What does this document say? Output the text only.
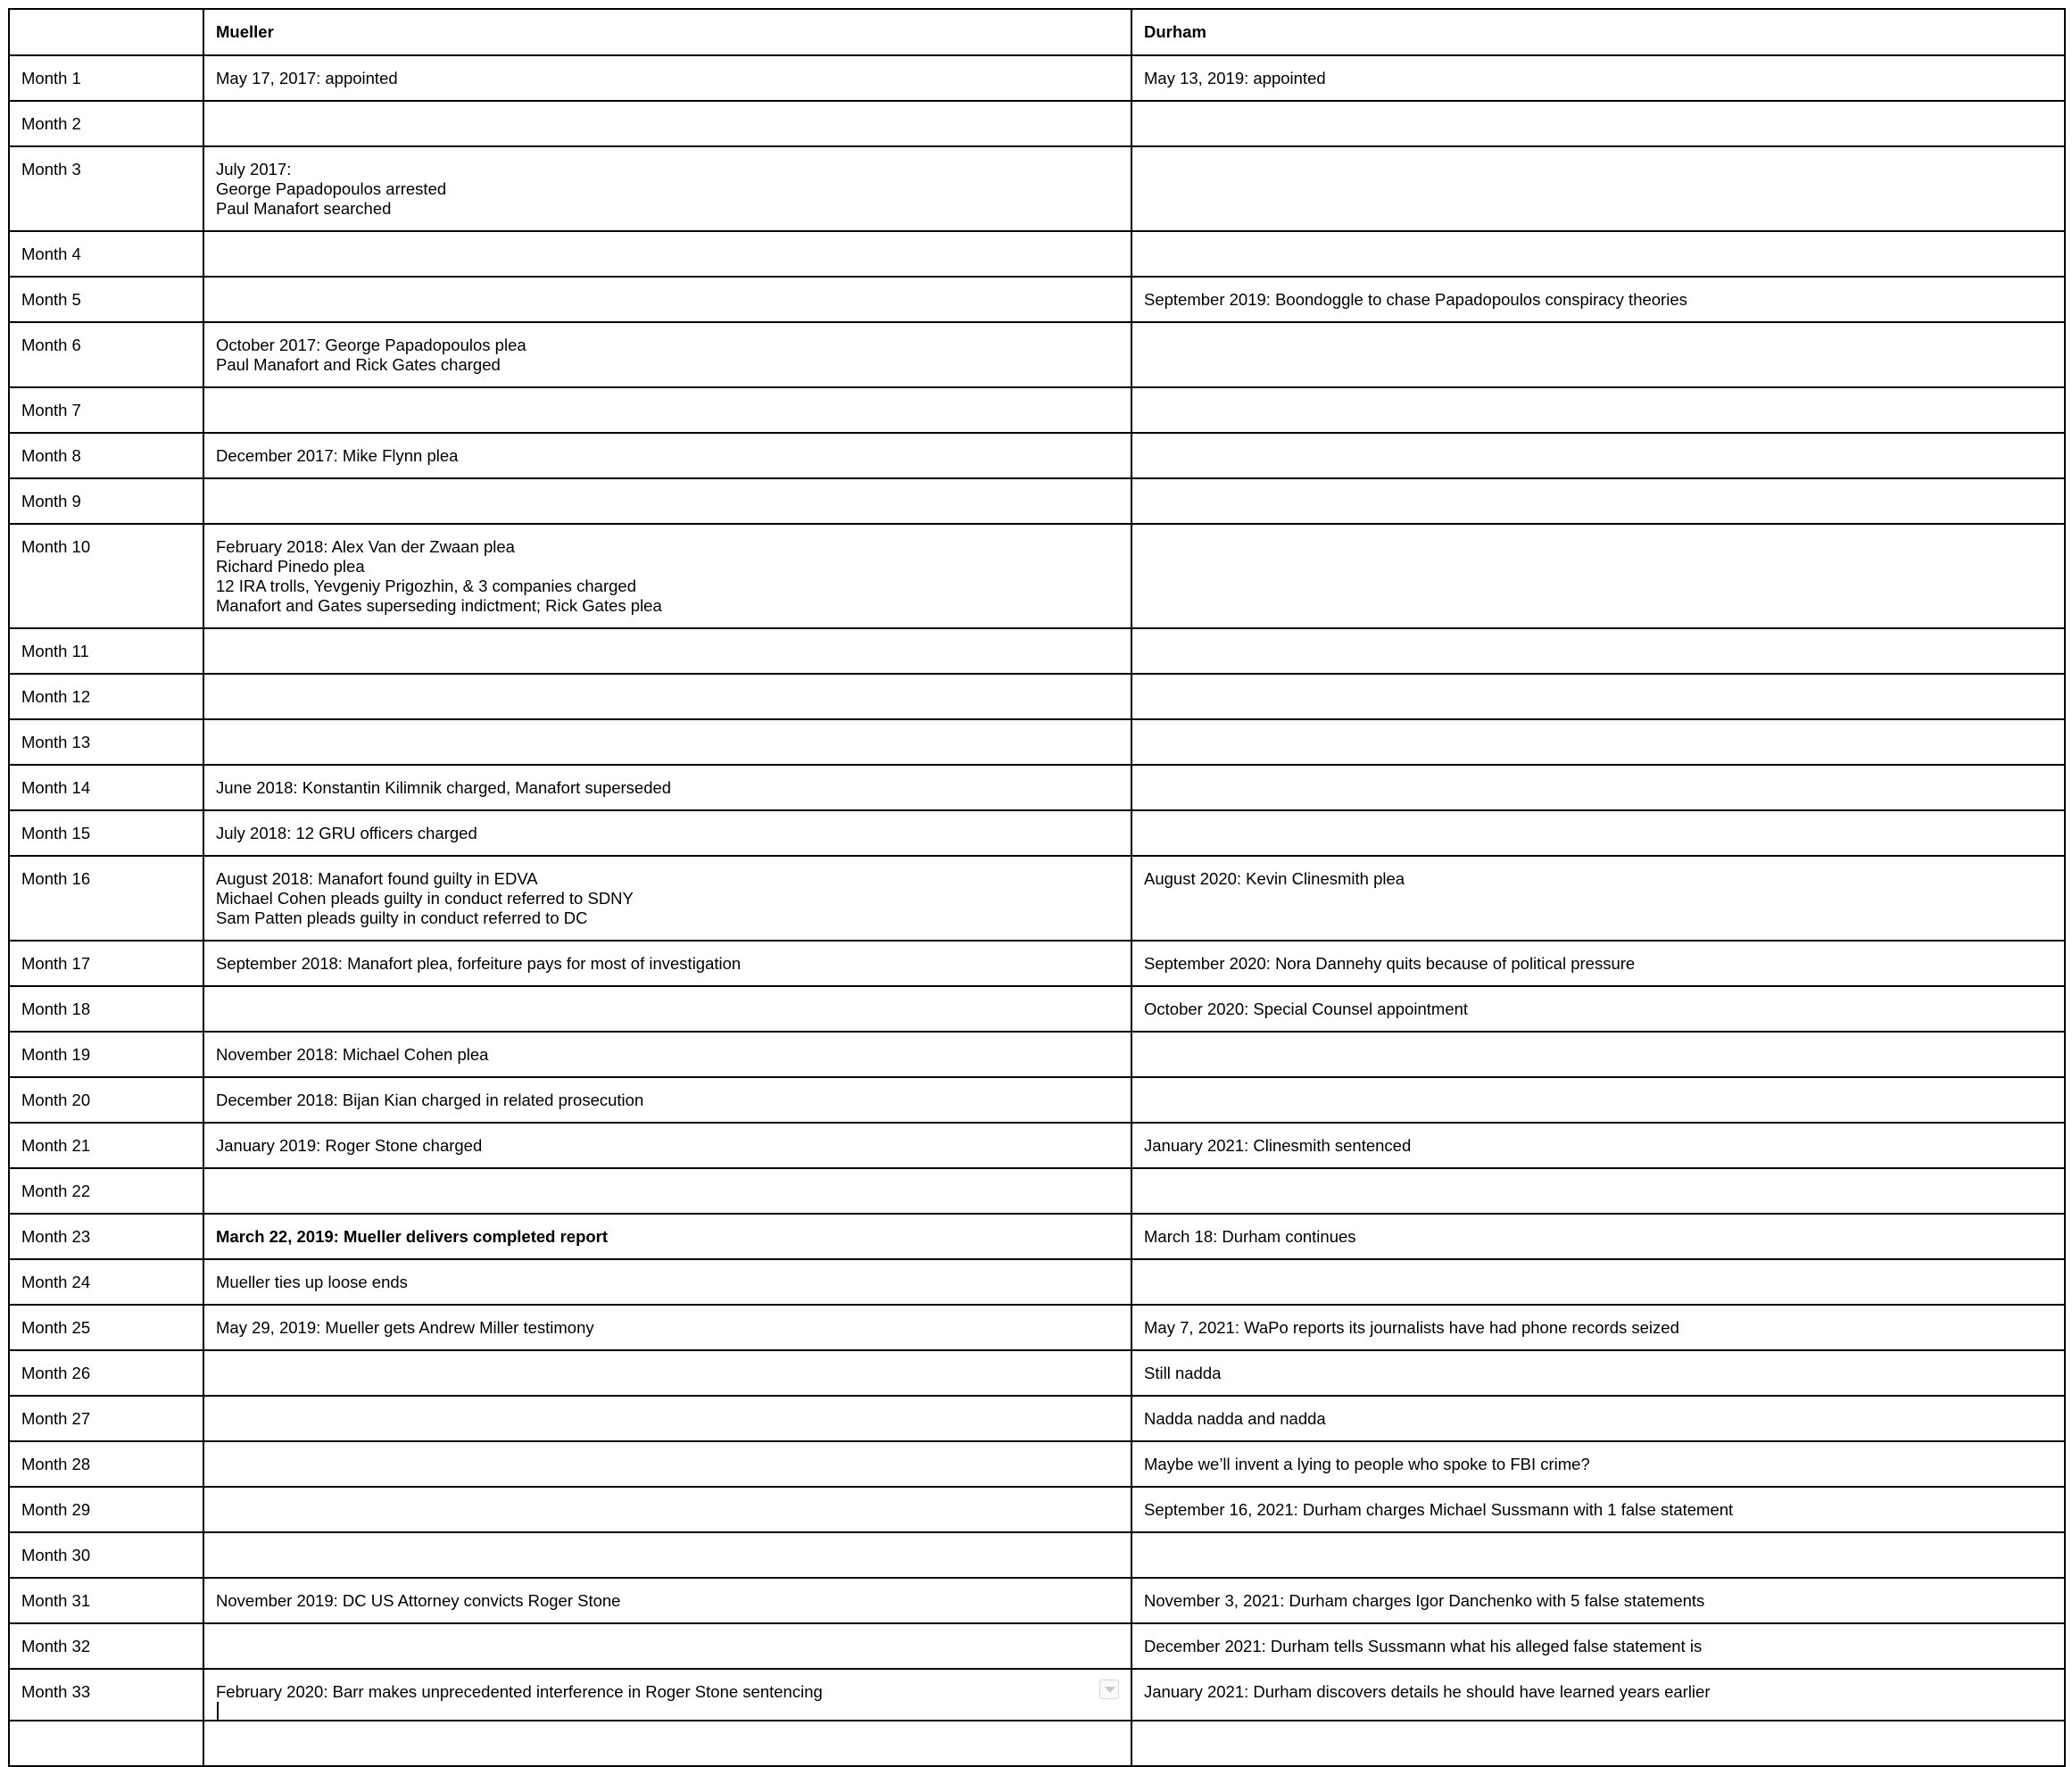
	Mueller	Durham
Month 1	May 17, 2017: appointed	May 13, 2019: appointed

Month 2	

Month 3	July 2017:
George Papadopoulos arrested
Paul Manafort searched	

Month 4	

Month 5		September 2019: Boondoggle to chase Papadopoulos conspiracy theories

Month 6	October 2017: George Papadopoulos plea
Paul Manafort and Rick Gates charged	

Month 7	

Month 8	December 2017: Mike Flynn plea	

Month 9	

Month 10	February 2018: Alex Van der Zwaan plea
Richard Pinedo plea
12 IRA trolls, Yevgeniy Prigozhin, & 3 companies charged
Manafort and Gates superseding indictment; Rick Gates plea	

Month 11	

Month 12	

Month 13	

Month 14	June 2018: Konstantin Kilimnik charged, Manafort superseded	

Month 15	July 2018: 12 GRU officers charged	

Month 16	August 2018: Manafort found guilty in EDVA
Michael Cohen pleads guilty in conduct referred to SDNY
Sam Patten pleads guilty in conduct referred to DC	August 2020: Kevin Clinesmith plea

Month 17	September 2018: Manafort plea, forfeiture pays for most of investigation	September 2020: Nora Dannehy quits because of political pressure

Month 18		October 2020: Special Counsel appointment

Month 19	November 2018: Michael Cohen plea	

Month 20	December 2018: Bijan Kian charged in related prosecution	

Month 21	January 2019: Roger Stone charged	January 2021: Clinesmith sentenced

Month 22	

Month 23	March 22, 2019: Mueller delivers completed report	March 18: Durham continues

Month 24	Mueller ties up loose ends	

Month 25	May 29, 2019: Mueller gets Andrew Miller testimony	May 7, 2021: WaPo reports its journalists have had phone records seized

Month 26		Still nadda

Month 27		Nadda nadda and nadda

Month 28		Maybe we’ll invent a lying to people who spoke to FBI crime?

Month 29		September 16, 2021: Durham charges Michael Sussmann with 1 false statement

Month 30	

Month 31	November 2019: DC US Attorney convicts Roger Stone	November 3, 2021: Durham charges Igor Danchenko with 5 false statements

Month 32		December 2021: Durham tells Sussmann what his alleged false statement is

Month 33	February 2020: Barr makes unprecedented interference in Roger Stone sentencing	January 2021: Durham discovers details he should have learned years earlier
